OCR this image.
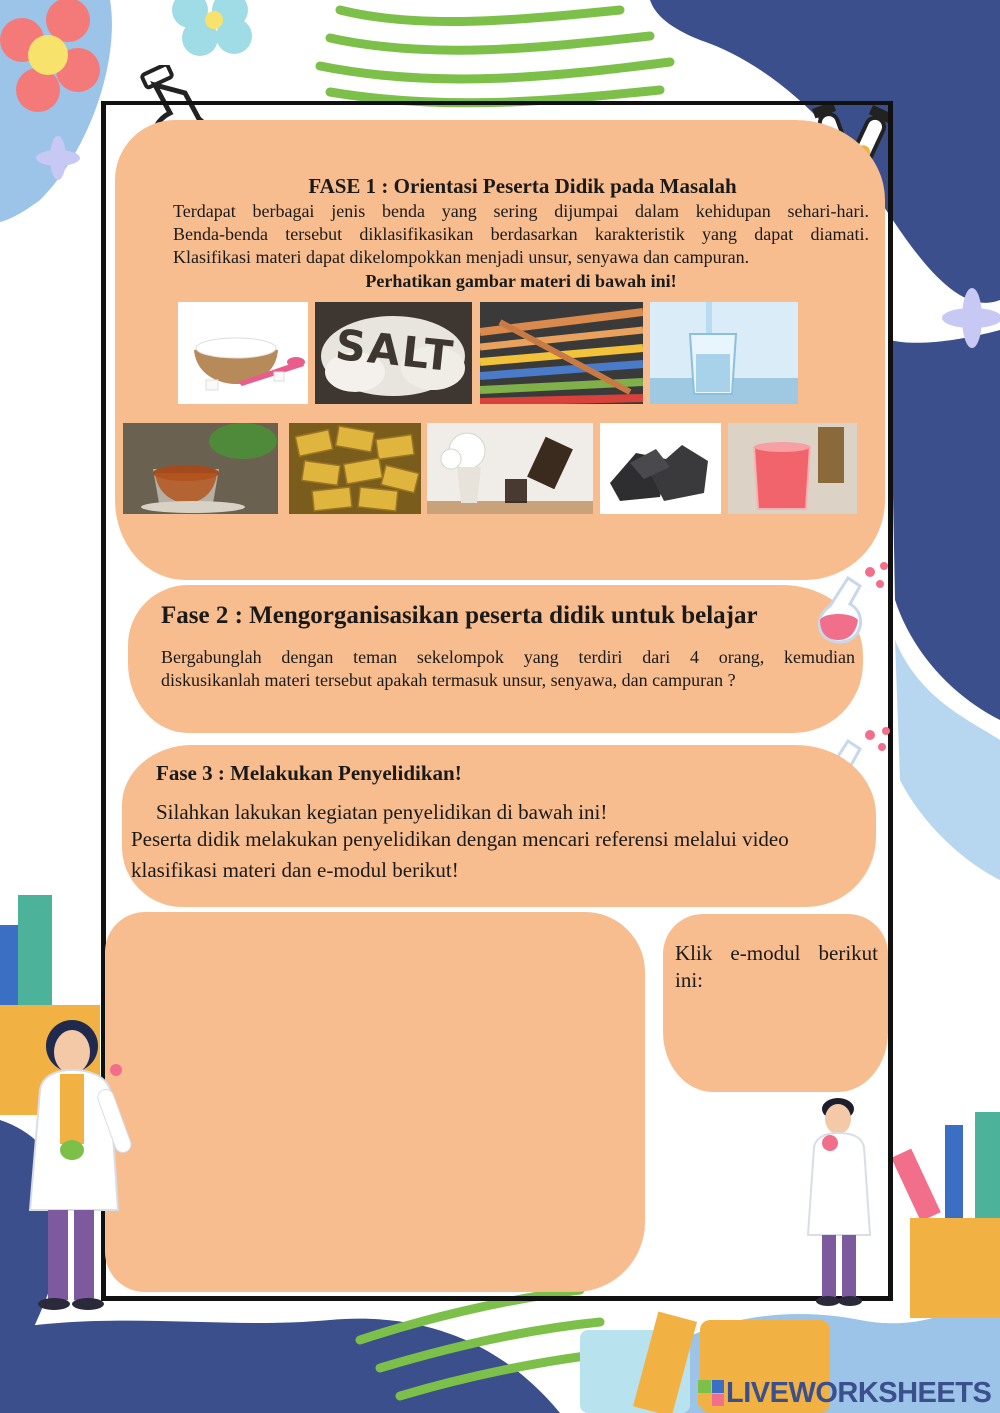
FASE 1 : Orientasi Peserta Didik pada Masalah
Terdapat berbagai jenis benda yang sering dijumpai dalam kehidupan sehari-hari.
Benda-benda tersebut diklasifikasikan berdasarkan karakteristik yang dapat diamati.
Klasifikasi materi dapat dikelompokkan menjadi unsur, senyawa dan campuran.
Perhatikan gambar materi di bawah ini!
SALT
Fase 2 : Mengorganisasikan peserta didik untuk belajar
Bergabunglah dengan teman sekelompok yang terdiri dari 4 orang, kemudian
diskusikanlah materi tersebut apakah termasuk unsur, senyawa, dan campuran ?
Fase 3 : Melakukan Penyelidikan!
Silahkan lakukan kegiatan penyelidikan di bawah ini!
Peserta didik melakukan penyelidikan dengan mencari referensi melalui video
klasifikasi materi dan e-modul berikut!
Klik e-modul berikut
ini:
LIVEWORKSHEETS
